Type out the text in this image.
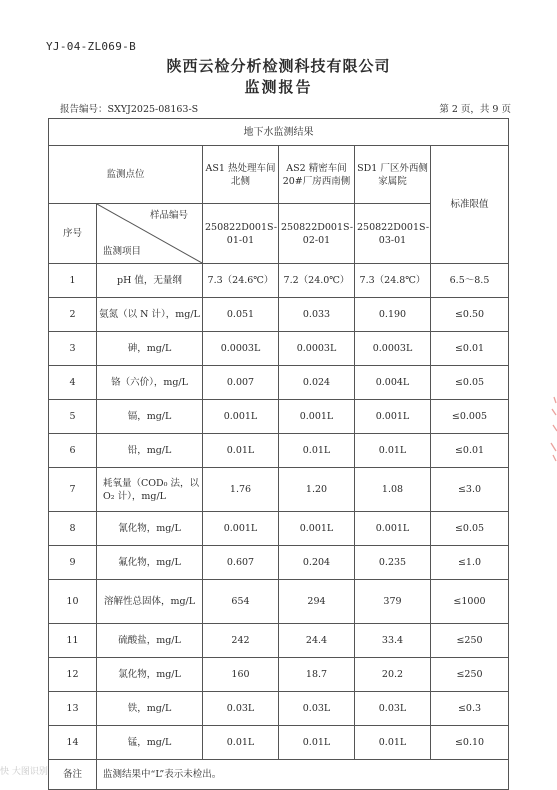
YJ-04-ZL069-B
陕西云检分析检测科技有限公司
监测报告
报告编号：SXYJ2025-08163-S	第 2 页，共 9 页
地下水监测结果					
监测点位		AS1 热处理车间北侧	AS2 精密车间20#厂房西南侧	SD1 厂区外西侧家属院	标准限值
序号	样品编号
监测项目	250822D001S-01-01	250822D001S-02-01	250822D001S-03-01	
1	pH 值，无量纲	7.3（24.6℃）	7.2（24.0℃）	7.3（24.8℃）	6.5～8.5
2	氨氮（以 N 计），mg/L	0.051	0.033	0.190	≤0.50
3	砷，mg/L	0.0003L	0.0003L	0.0003L	≤0.01
4	铬（六价），mg/L	0.007	0.024	0.004L	≤0.05
5	镉，mg/L	0.001L	0.001L	0.001L	≤0.005
6	铅，mg/L	0.01L	0.01L	0.01L	≤0.01
7	耗氧量（COD₀ 法，以 O₂ 计），mg/L	1.76	1.20	1.08	≤3.0
8	氰化物，mg/L	0.001L	0.001L	0.001L	≤0.05
9	氟化物，mg/L	0.607	0.204	0.235	≤1.0
10	溶解性总固体，mg/L	654	294	379	≤1000
11	硫酸盐，mg/L	242	24.4	33.4	≤250
12	氯化物，mg/L	160	18.7	20.2	≤250
13	铁，mg/L	0.03L	0.03L	0.03L	≤0.3
14	锰，mg/L	0.01L	0.01L	0.01L	≤0.10
备注	监测结果中“L”表示未检出。				
快 大图识别
